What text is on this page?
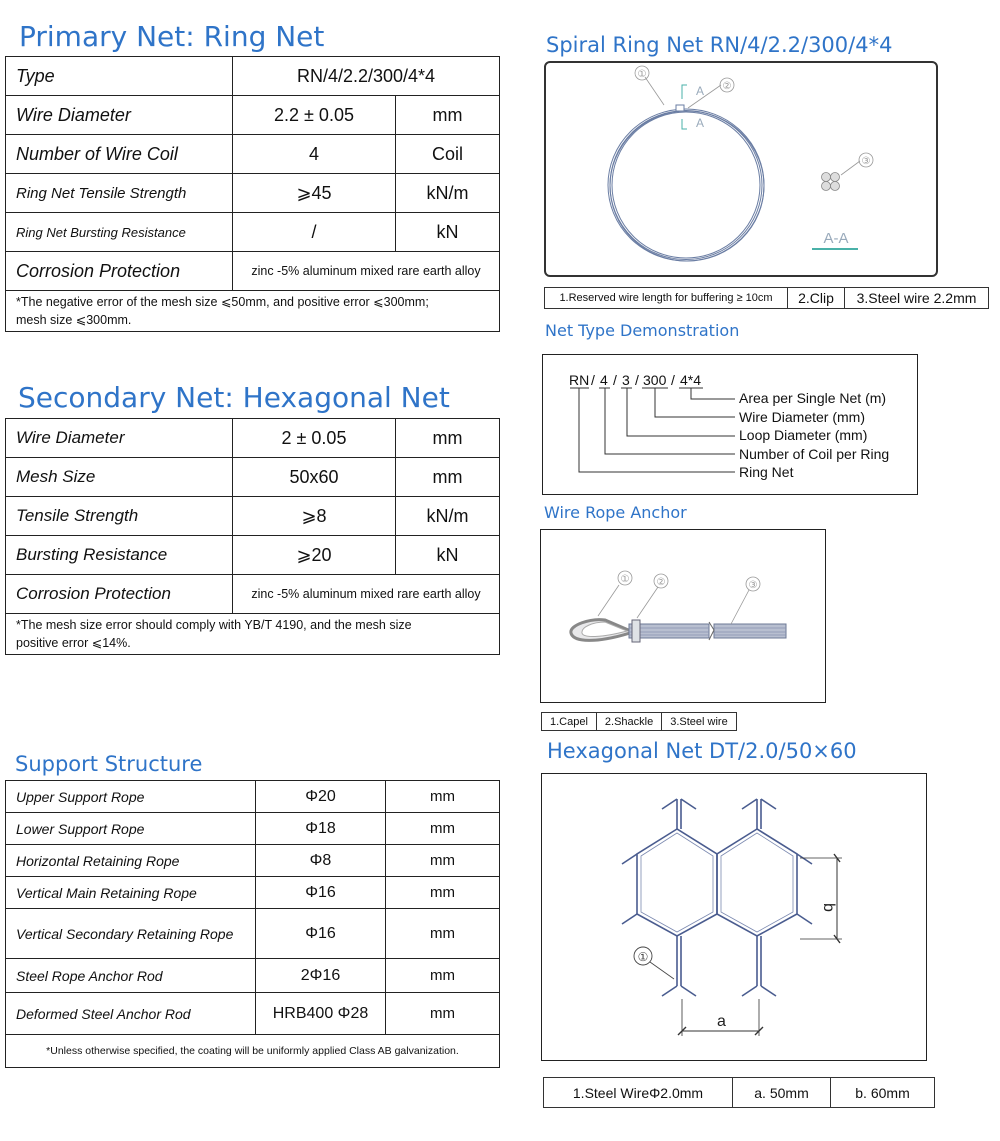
Primary Net: Ring Net
Type	RN/4/2.2/300/4*4	
Wire Diameter	2.2 ± 0.05	mm
Number of Wire Coil	4	Coil
Ring Net Tensile Strength	⩾45	kN/m
Ring Net Bursting Resistance	/	kN
Corrosion Protection	zinc -5% aluminum mixed rare earth alloy	

*The negative error of the mesh size ⩽50mm, and positive error ⩽300mm;
mesh size ⩽300mm.		
Secondary Net: Hexagonal Net
Wire Diameter	2 ± 0.05	mm
Mesh Size	50x60	mm
Tensile Strength	⩾8	kN/m
Bursting Resistance	⩾20	kN
Corrosion Protection	zinc -5% aluminum mixed rare earth alloy	

*The mesh size error should comply with YB/T 4190, and the mesh size
positive error ⩽14%.		
Support Structure
Upper Support Rope	Φ20	mm
Lower Support Rope	Φ18	mm
Horizontal Retaining Rope	Φ8	mm
Vertical Main Retaining Rope	Φ16	mm
Vertical Secondary Retaining Rope	Φ16	mm
Steel Rope Anchor Rod	2Φ16	mm
Deformed Steel Anchor Rod	HRB400 Φ28	mm
*Unless otherwise specified, the coating will be uniformly applied Class AB galvanization.		
Spiral Ring Net RN/4/2.2/300/4*4
①
②
A
A
③
A-A
1.Reserved wire length for buffering ≥ 10cm	2.Clip	3.Steel wire 2.2mm
Net Type Demonstration
RN / 4 / 3 / 300 / 4*4
Area per Single Net (m)
Wire Diameter (mm)
Loop Diameter (mm)
Number of Coil per Ring
Ring Net
Wire Rope Anchor
①	②	③
1.Capel	2.Shackle	3.Steel wire
Hexagonal Net DT/2.0/50×60
b
a
①
1.Steel WireΦ2.0mm	a. 50mm	b. 60mm
